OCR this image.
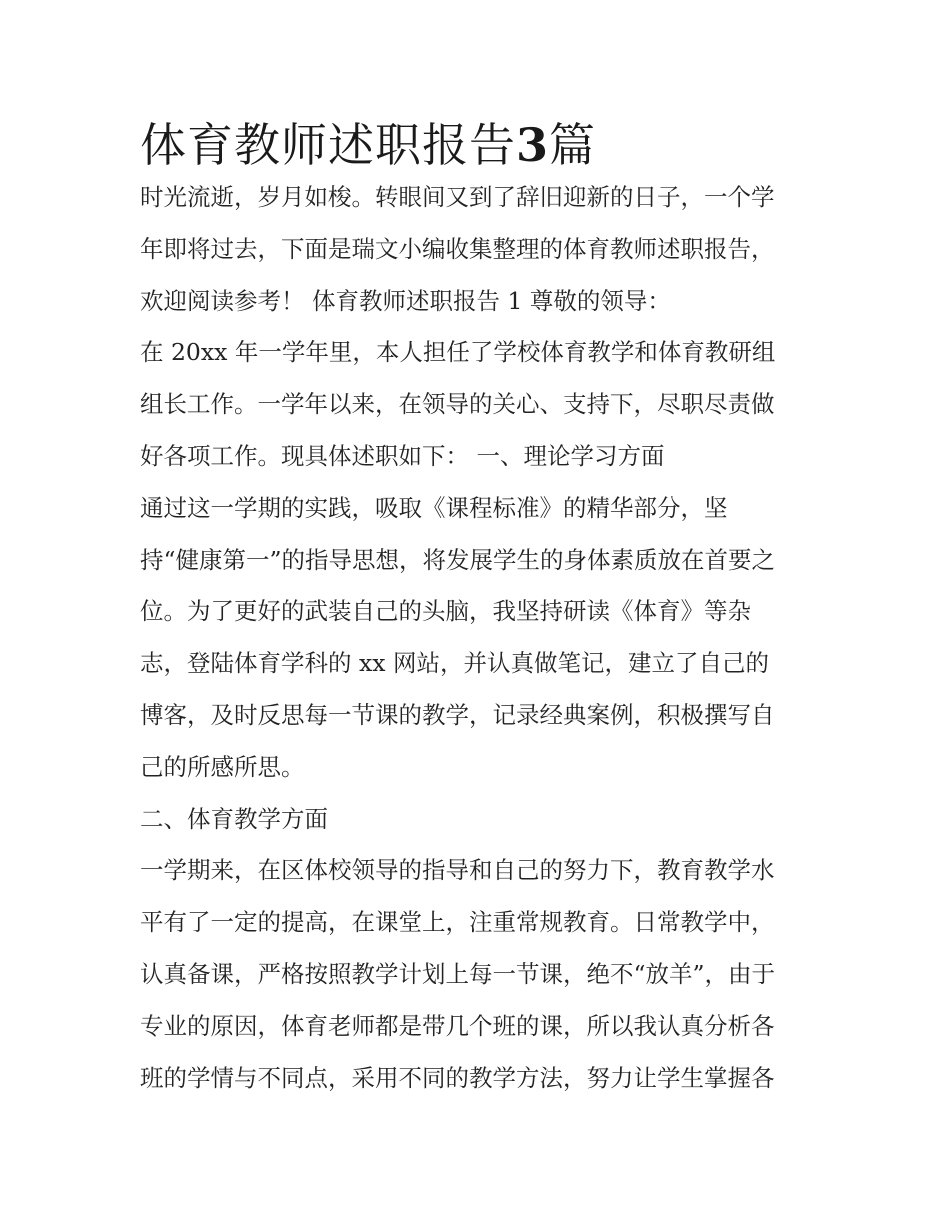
体育教师述职报告3篇
时光流逝，岁月如梭。转眼间又到了辞旧迎新的日子，一个学
年即将过去，下面是瑞文小编收集整理的体育教师述职报告，
欢迎阅读参考！ 体育教师述职报告 1 尊敬的领导：
在 20xx 年一学年里，本人担任了学校体育教学和体育教研组
组长工作。一学年以来，在领导的关心、支持下，尽职尽责做
好各项工作。现具体述职如下： 一、理论学习方面
通过这一学期的实践，吸取《课程标准》的精华部分，坚
持“健康第一”的指导思想，将发展学生的身体素质放在首要之
位。为了更好的武装自己的头脑，我坚持研读《体育》等杂
志，登陆体育学科的 xx 网站，并认真做笔记，建立了自己的
博客，及时反思每一节课的教学，记录经典案例，积极撰写自
己的所感所思。
二、体育教学方面
一学期来，在区体校领导的指导和自己的努力下，教育教学水
平有了一定的提高，在课堂上，注重常规教育。日常教学中，
认真备课，严格按照教学计划上每一节课，绝不“放羊”，由于
专业的原因，体育老师都是带几个班的课，所以我认真分析各
班的学情与不同点，采用不同的教学方法，努力让学生掌握各
